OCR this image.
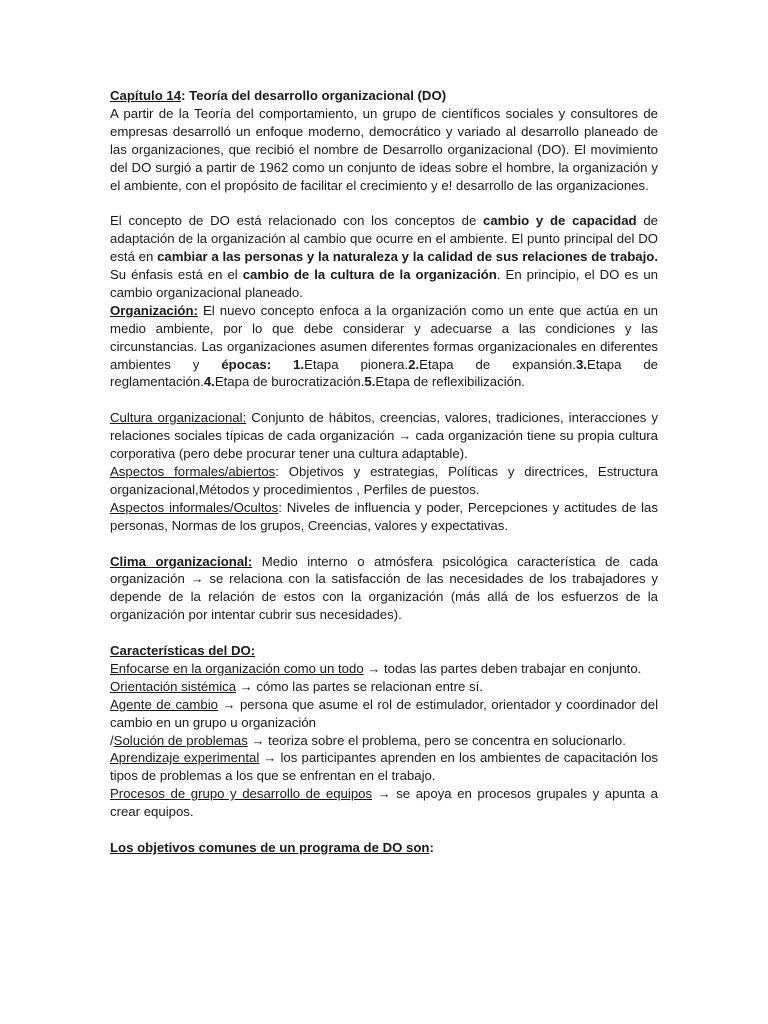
Capítulo 14: Teoría del desarrollo organizacional (DO)

A partir de la Teoría del comportamiento, un grupo de científicos sociales y consultores de empresas desarrolló un enfoque moderno, democrático y variado al desarrollo planeado de las organizaciones, que recibió el nombre de Desarrollo organizacional (DO). El movimiento del DO surgió a partir de 1962 como un conjunto de ideas sobre el hombre, la organización y el ambiente, con el propósito de facilitar el crecimiento y e! desarrollo de las organizaciones.

El concepto de DO está relacionado con los conceptos de cambio y de capacidad de adaptación de la organización al cambio que ocurre en el ambiente. El punto principal del DO está en cambiar a las personas y la naturaleza y la calidad de sus relaciones de trabajo. Su énfasis está en el cambio de la cultura de la organización. En principio, el DO es un cambio organizacional planeado.

Organización: El nuevo concepto enfoca a la organización como un ente que actúa en un medio ambiente, por lo que debe considerar y adecuarse a las condiciones y las circunstancias. Las organizaciones asumen diferentes formas organizacionales en diferentes ambientes y épocas: 1.Etapa pionera.2.Etapa de expansión.3.Etapa de reglamentación.4.Etapa de burocratización.5.Etapa de reflexibilización.

Cultura organizacional: Conjunto de hábitos, creencias, valores, tradiciones, interacciones y relaciones sociales típicas de cada organización → cada organización tiene su propia cultura corporativa (pero debe procurar tener una cultura adaptable).

Aspectos formales/abiertos: Objetivos y estrategias, Políticas y directrices, Estructura organizacional,Métodos y procedimientos , Perfiles de puestos.

Aspectos informales/Ocultos: Niveles de influencia y poder, Percepciones y actitudes de las personas, Normas de los grupos, Creencias, valores y expectativas.

Clima organizacional: Medio interno o atmósfera psicológica característica de cada organización → se relaciona con la satisfacción de las necesidades de los trabajadores y depende de la relación de estos con la organización (más allá de los esfuerzos de la organización por intentar cubrir sus necesidades).

Características del DO:

Enfocarse en la organización como un todo → todas las partes deben trabajar en conjunto.

Orientación sistémica → cómo las partes se relacionan entre sí.

Agente de cambio → persona que asume el rol de estimulador, orientador y coordinador del cambio en un grupo u organización

/Solución de problemas → teoriza sobre el problema, pero se concentra en solucionarlo.

Aprendizaje experimental → los participantes aprenden en los ambientes de capacitación los tipos de problemas a los que se enfrentan en el trabajo.

Procesos de grupo y desarrollo de equipos → se apoya en procesos grupales y apunta a crear equipos.

Los objetivos comunes de un programa de DO son:
